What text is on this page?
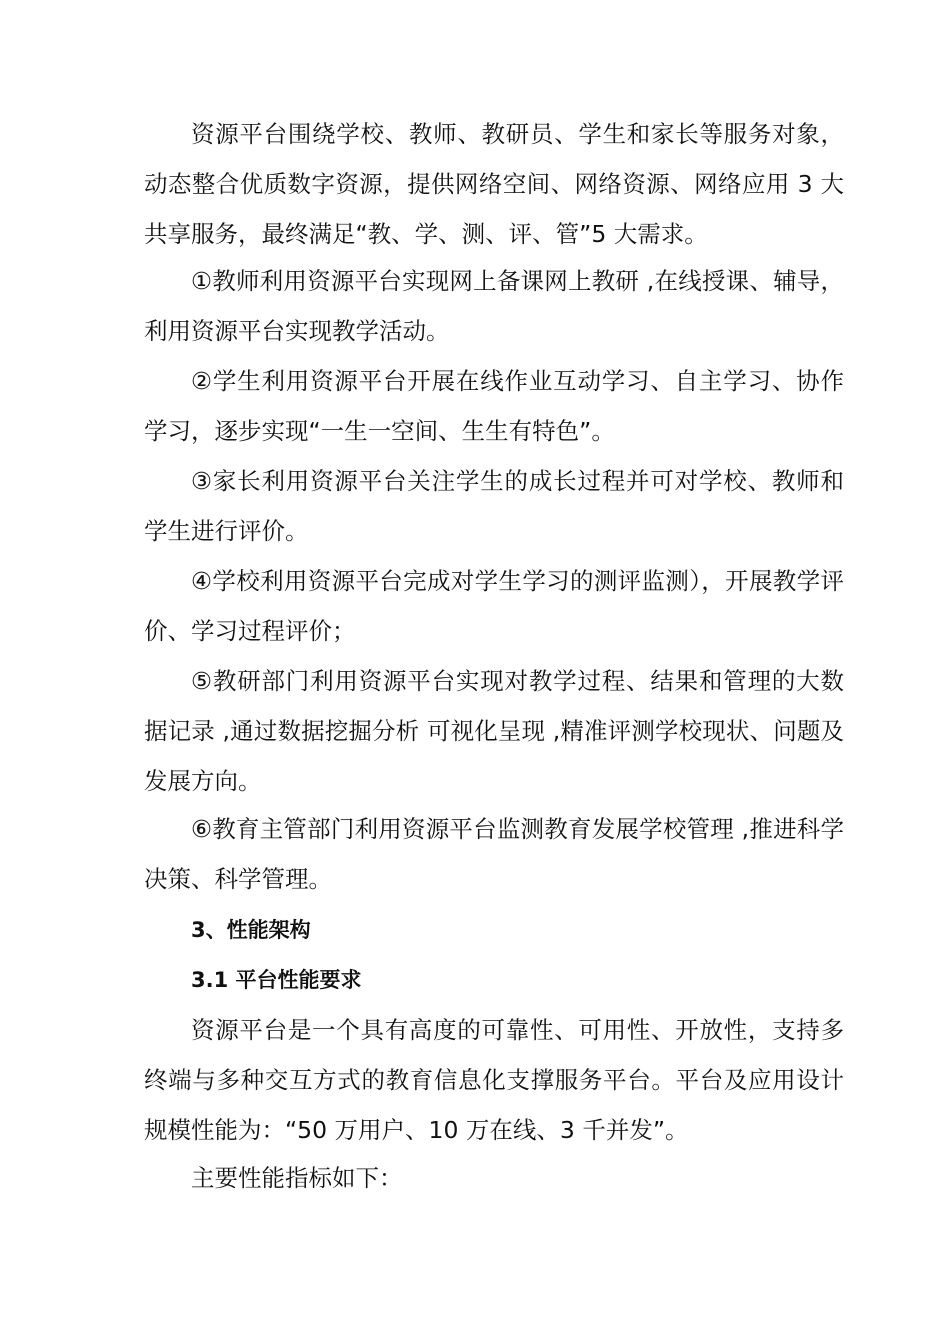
资源平台围绕学校、教师、教研员、学生和家长等服务对象，动态整合优质数字资源，提供网络空间、网络资源、网络应用 3 大共享服务，最终满足“教、学、测、评、管”5 大需求。

①教师利用资源平台实现网上备课网上教研 ,在线授课、辅导，利用资源平台实现教学活动。

②学生利用资源平台开展在线作业互动学习、自主学习、协作学习，逐步实现“一生一空间、生生有特色”。

③家长利用资源平台关注学生的成长过程并可对学校、教师和学生进行评价。

④学校利用资源平台完成对学生学习的测评监测），开展教学评价、学习过程评价；

⑤教研部门利用资源平台实现对教学过程、结果和管理的大数据记录 ,通过数据挖掘分析 可视化呈现 ,精准评测学校现状、问题及发展方向。

⑥教育主管部门利用资源平台监测教育发展学校管理 ,推进科学决策、科学管理。

3、性能架构
3.1 平台性能要求

资源平台是一个具有高度的可靠性、可用性、开放性，支持多终端与多种交互方式的教育信息化支撑服务平台。平台及应用设计规模性能为：“50 万用户、10 万在线、3 千并发”。

主要性能指标如下：
